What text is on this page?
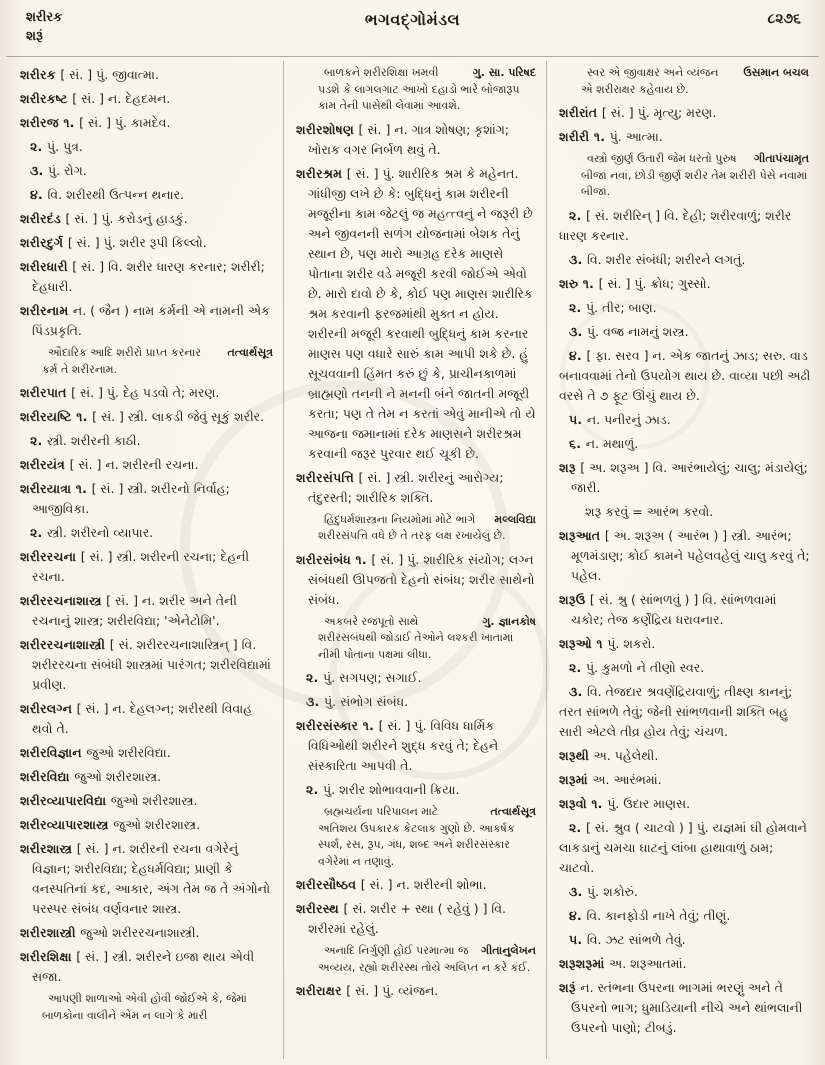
શરીરક
શરૂં
ભગવદ્ગોમંડલ	૮૨૭૬

શરીરક [ સં. ] પું. જીવાત્મા.

શરીરકષ્ટ [ સં. ] ન. દેહદમન.

શરીરજ ૧. [ સં. ] પું. કામદેવ.

૨. પું. પુત્ર.

૩. પું. રોગ.

૪. વિ. શરીરથી ઉત્પન્ન થનાર.

શરીરદંડ [ સં. ] પું. કરોડનું હાડકું.

શરીરદુર્ગ [ સં. ] પું. શરીર રૂપી કિલ્લો.

શરીરધારી [ સં. ] વિ. શરીર ધારણ કરનાર; શરીરી; દેહધારી.

શરીરનામ ન. ( જૈન ) નામ કર્મની એ નામની એક પિંડપ્રકૃતિ.

તત્વાર્થસૂત્ર
ઔદારિક આદિ શરીરો પ્રાપ્ત કરનાર કર્મ તે શરીરનામ.

શરીરપાત [ સં. ] પું. દેહ પડવો તે; મરણ.

શરીરયષ્ટિ ૧. [ સં. ] સ્ત્રી. લાકડી જેવું સૂકું શરીર.

૨. સ્ત્રી. શરીરની કાઠી.

શરીરયંત્ર [ સં. ] ન. શરીરની રચના.

શરીરયાત્રા ૧. [ સં. ] સ્ત્રી. શરીરનો નિર્વાહ; આજીવિકા.

૨. સ્ત્રી. શરીરનો વ્યાપાર.

શરીરરચના [ સં. ] સ્ત્રી. શરીરની રચના; દેહની રચના.

શરીરરચનાશાસ્ત્ર [ સં. ] ન. શરીર અને તેની રચનાનું શાસ્ત્ર; શરીરવિદ્યા; 'એનેટોમિ'.

શરીરરચનાશાસ્ત્રી [ સં. શરીરરચનાશાસ્ત્રિન્ ] વિ. શરીરરચના સંબંધી શાસ્ત્રમાં પારંગત; શરીરવિદ્યામાં પ્રવીણ.

શરીરલગ્ન [ સં. ] ન. દેહલગ્ન; શરીરથી વિવાહ થવો તે.

શરીરવિજ્ઞાન જુઓ શરીરવિદ્યા.

શરીરવિદ્યા જુઓ શરીરશાસ્ત્ર.

શરીરવ્યાપારવિદ્યા જુઓ શરીરશાસ્ત્ર.

શરીરવ્યાપારશાસ્ત્ર જુઓ શરીરશાસ્ત્ર.

શરીરશાસ્ત્ર [ સં. ] ન. શરીરની રચના વગેરેનું વિજ્ઞાન; શરીરવિદ્યા; દેહધર્મવિદ્યા; પ્રાણી કે વનસ્પતિનાં કદ, આકાર, અંગ તેમ જ તે અંગોનો પરસ્પર સંબંધ વર્ણવનાર શાસ્ત્ર.

શરીરશાસ્ત્રી જુઓ શરીરરચનાશાસ્ત્રી.

શરીરશિક્ષા [ સં. ] સ્ત્રી. શરીરને ઇજા થાય એવી સજા.

આપણી શાળાઓ એવી હોવી જોઈએ કે, જેમાં બાળકોના વાલીને એમ ન લાગે કે મારી

ગુ. સા. પરિષદ
બાળકને શરીરશિક્ષા ખમવી પડશે કે લાગલગાટ આખો દહાડો ભારે બોજારૂપ કામ તેની પાસેથી લેવામાં આવશે.

શરીરશોષણ [ સં. ] ન. ગાત્ર શોષણ; કૃશાંગ; ખોરાક વગર નિર્બળ થવું તે.

શરીરશ્રમ [ સં. ] પું. શારીરિક શ્રમ કે મહેનત. ગાંધીજી લખે છે કે: બુદ્ધિનું કામ શરીરની મજૂરીના કામ જેટલું જ મહત્ત્વનું ને જરૂરી છે અને જીવનની સળંગ યોજનામાં બેશક તેનું સ્થાન છે, પણ મારો આગ્રહ દરેક માણસે પોતાના શરીર વડે મજૂરી કરવી જોઈએ એવો છે. મારો દાવો છે કે, કોઈ પણ માણસ શારીરિક શ્રમ કરવાની ફરજમાંથી મુક્ત ન હોય. શરીરની મજૂરી કરવાથી બુદ્ધિનું કામ કરનાર માણસ પણ વધારે સારું કામ આપી શકે છે. હું સૂચવવાની હિંમત કરું છું કે, પ્રાચીનકાળમાં બ્રાહ્મણો તનની ને મનની બંને જાતની મજૂરી કરતા; પણ તે તેમ ન કરતાં એવું માનીએ તો યે આજના જમાનામાં દરેક માણસને શરીરશ્રમ કરવાની જરૂર પુરવાર થઈ ચૂકી છે.

શરીરસંપત્તિ [ સં. ] સ્ત્રી. શરીરનું આરોગ્ય; તંદુરસ્તી; શારીરિક શક્તિ.

મલ્લવિદ્યા
હિંદુધર્મશાસ્ત્રના નિયમોમાં મોટે ભાગે શરીરસંપત્તિ વધે છે તે તરફ લક્ષ રખાયેલું છે.

શરીરસંબંધ ૧. [ સં. ] પું. શારીરિક સંયોગ; લગ્ન સંબંધથી ઊપજતો દેહનો સંબંધ; શરીર સાથેનો સંબંધ.

ગુ. જ્ઞાનકોષ
અકબરે રજપૂતો સાથે શરીરસંબંધથી જોડાઈ તેઓને લશ્કરી ખાતામાં નીમી પોતાના પક્ષમાં લીધા.

૨. પું. સગપણ; સગાઈ.

૩. પું. સંભોગ સંબંધ.

શરીરસંસ્કાર ૧. [ સં. ] પું. વિવિધ ધાર્મિક વિધિઓથી શરીરને શુદ્ધ કરવું તે; દેહને સંસ્કારિતા આપવી તે.

૨. પું. શરીર શોભાવવાની ક્રિયા.

તત્વાર્થસૂત્ર
બ્રહ્મચર્યના પરિપાલન માટે અતિશય ઉપકારક કેટલાક ગુણો છે. આકર્ષક સ્પર્શ, રસ, રૂપ, ગંધ, શબ્દ અને શરીરસંસ્કાર વગેરેમાં ન તણાવું.

શરીરસૌષ્ઠવ [ સં. ] ન. શરીરની શોભા.

શરીરસ્થ [ સં. શરીર + સ્થા ( રહેવું ) ] વિ. શરીરમાં રહેલું.

ગીતાનુલેખન
અનાદિ નિર્ગુણી હોઈ પરમાત્મા જ અવ્યય, રહ્યો શરીરસ્થ તોયે અલિપ્ત ન કરે કંઈ.

શરીરાક્ષર [ સં. ] પું. વ્યંજન.

ઉસમાન બચલ
સ્વર એ જીવાક્ષર અને વ્યંજન એ શરીરાક્ષર કહેવાય છે.

શરીરાંત [ સં. ] પું. મૃત્યુ; મરણ.

શરીરી ૧. પું. આત્મા.

ગીતાપંચામૃત
વસ્ત્રો જીર્ણ ઉતારી જેમ ધરતો પુરુષ બીજાં નવાં, છોડી જીર્ણ શરીર તેમ શરીરી પેસે નવામાં બીજાં.

૨. [ સં. શરીરિન્ ] વિ. દેહી; શરીરવાળું; શરીર ધારણ કરનાર.

૩. વિ. શરીર સંબંધી; શરીરને લગતું.

શરુ ૧. [ સં. ] પું. ક્રોધ; ગુસ્સો.

૨. પું. તીર; બાણ.

૩. પું. વજ્ર નામનું શસ્ત્ર.

૪. [ ફા. સરવ ] ન. એક જાતનું ઝાડ; સરુ. વાડ બનાવવામાં તેનો ઉપયોગ થાય છે. વાવ્યા પછી અઢી વરસે તે ૭ ફૂટ ઊંચું થાય છે.

૫. ન. પનીરનું ઝાડ.

૬. ન. મથાળું.

શરૂ [ અ. શરૂઅ ] વિ. આરંભાયેલું; ચાલુ; મંડાયેલું; જારી.

શરૂ કરવું = આરંભ કરવો.

શરૂઆત [ અ. શરૂઅ ( આરંભ ) ] સ્ત્રી. આરંભ; મૂળમંડાણ; કોઈ કામને પહેલવહેલું ચાલુ કરવું તે; પહેલ.

શરૂઉ [ સં. શ્રુ ( સાંભળવું ) ] વિ. સાંભળવામાં ચકોર; તેજ કર્ણેંદ્રિય ધરાવનાર.

શરૂઓ ૧ પું. શકરો.

૨. પું. કુમળો ને તીણો સ્વર.

૩. વિ. તેજદાર શ્રવણેંદ્રિયવાળું; તીક્ષ્ણ કાનનું; તરત સાંભળે તેવું; જેની સાંભળવાની શક્તિ બહુ સારી એટલે તીવ્ર હોય તેવું; ચંચળ.

શરૂથી અ. પહેલેથી.

શરૂમાં અ. આરંભમાં.

શરૂવો ૧. પું. ઉદાર માણસ.

૨. [ સં. શ્રુવ ( ચાટવો ) ] પું. યજ્ઞમાં ઘી હોમવાને લાકડાનું ચમચા ઘાટનું લાંબા હાથાવાળું ઠામ; ચાટવો.

૩. પું. શકોરું.

૪. વિ. કાનફોડી નાખે તેવું; તીણું.

૫. વિ. ઝટ સાંભળે તેવું.

શરૂશરૂમાં અ. શરૂઆતમાં.

શરૂં ન. સ્તંભના ઉપરના ભાગમાં ભરણું અને તે ઉપરનો ભાગ; ધુમાડિયાની નીચે અને થાંભલાની ઉપરનો પાણો; ટીબડું.
